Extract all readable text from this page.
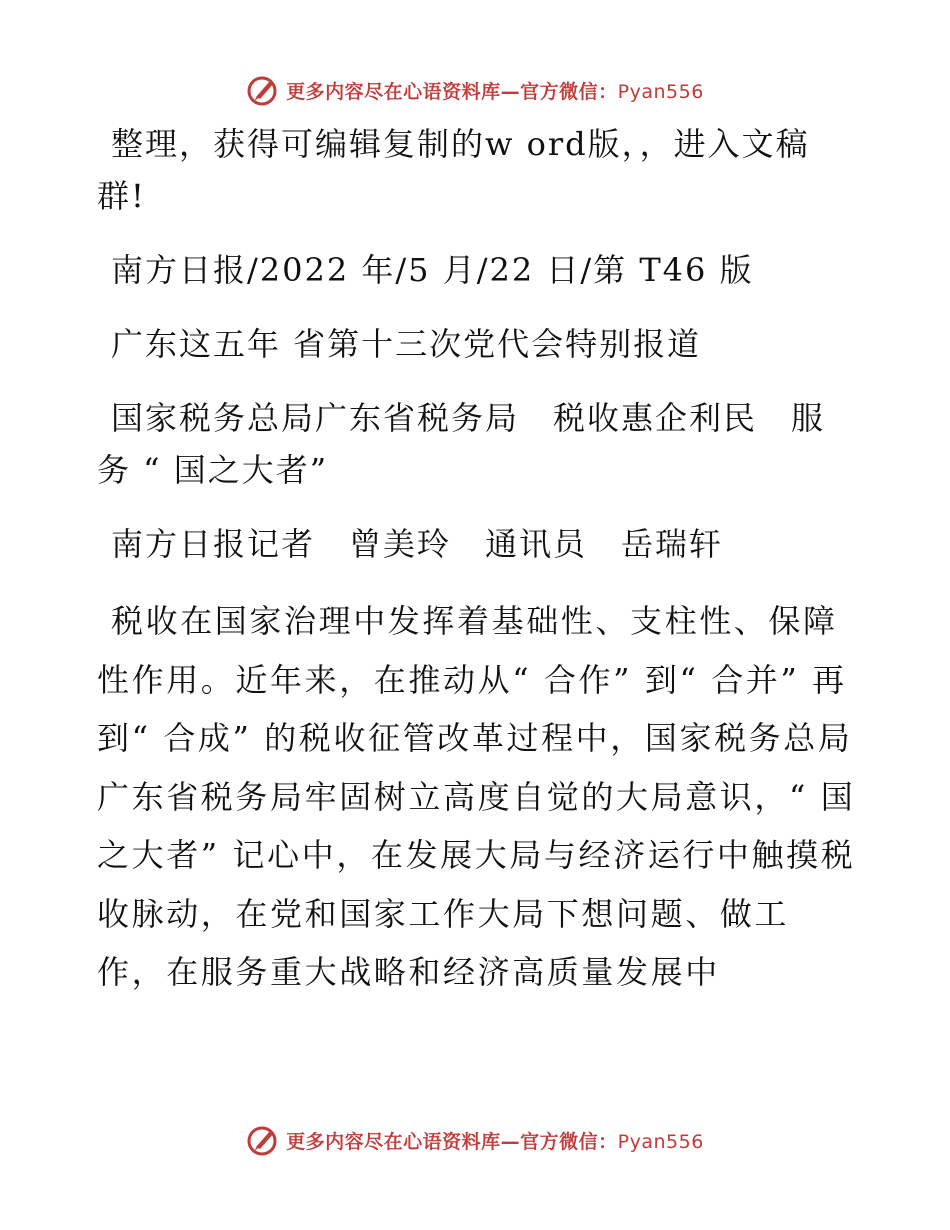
更多内容尽在心语资料库—官方微信：Pyan556

整理，获得可编辑复制的w ord版，，进入文稿群!

南方日报/2022 年/5 月/22 日/第 T46 版

广东这五年 省第十三次党代会特别报道

国家税务总局广东省税务局　税收惠企利民　服务 “ 国之大者”

南方日报记者　曾美玲　通讯员　岳瑞轩

税收在国家治理中发挥着基础性、支柱性、保障性作用。近年来，在推动从“ 合作” 到“ 合并” 再到“ 合成” 的税收征管改革过程中，国家税务总局广东省税务局牢固树立高度自觉的大局意识，“ 国之大者” 记心中，在发展大局与经济运行中触摸税收脉动，在党和国家工作大局下想问题、做工作，在服务重大战略和经济高质量发展中

更多内容尽在心语资料库—官方微信：Pyan556
